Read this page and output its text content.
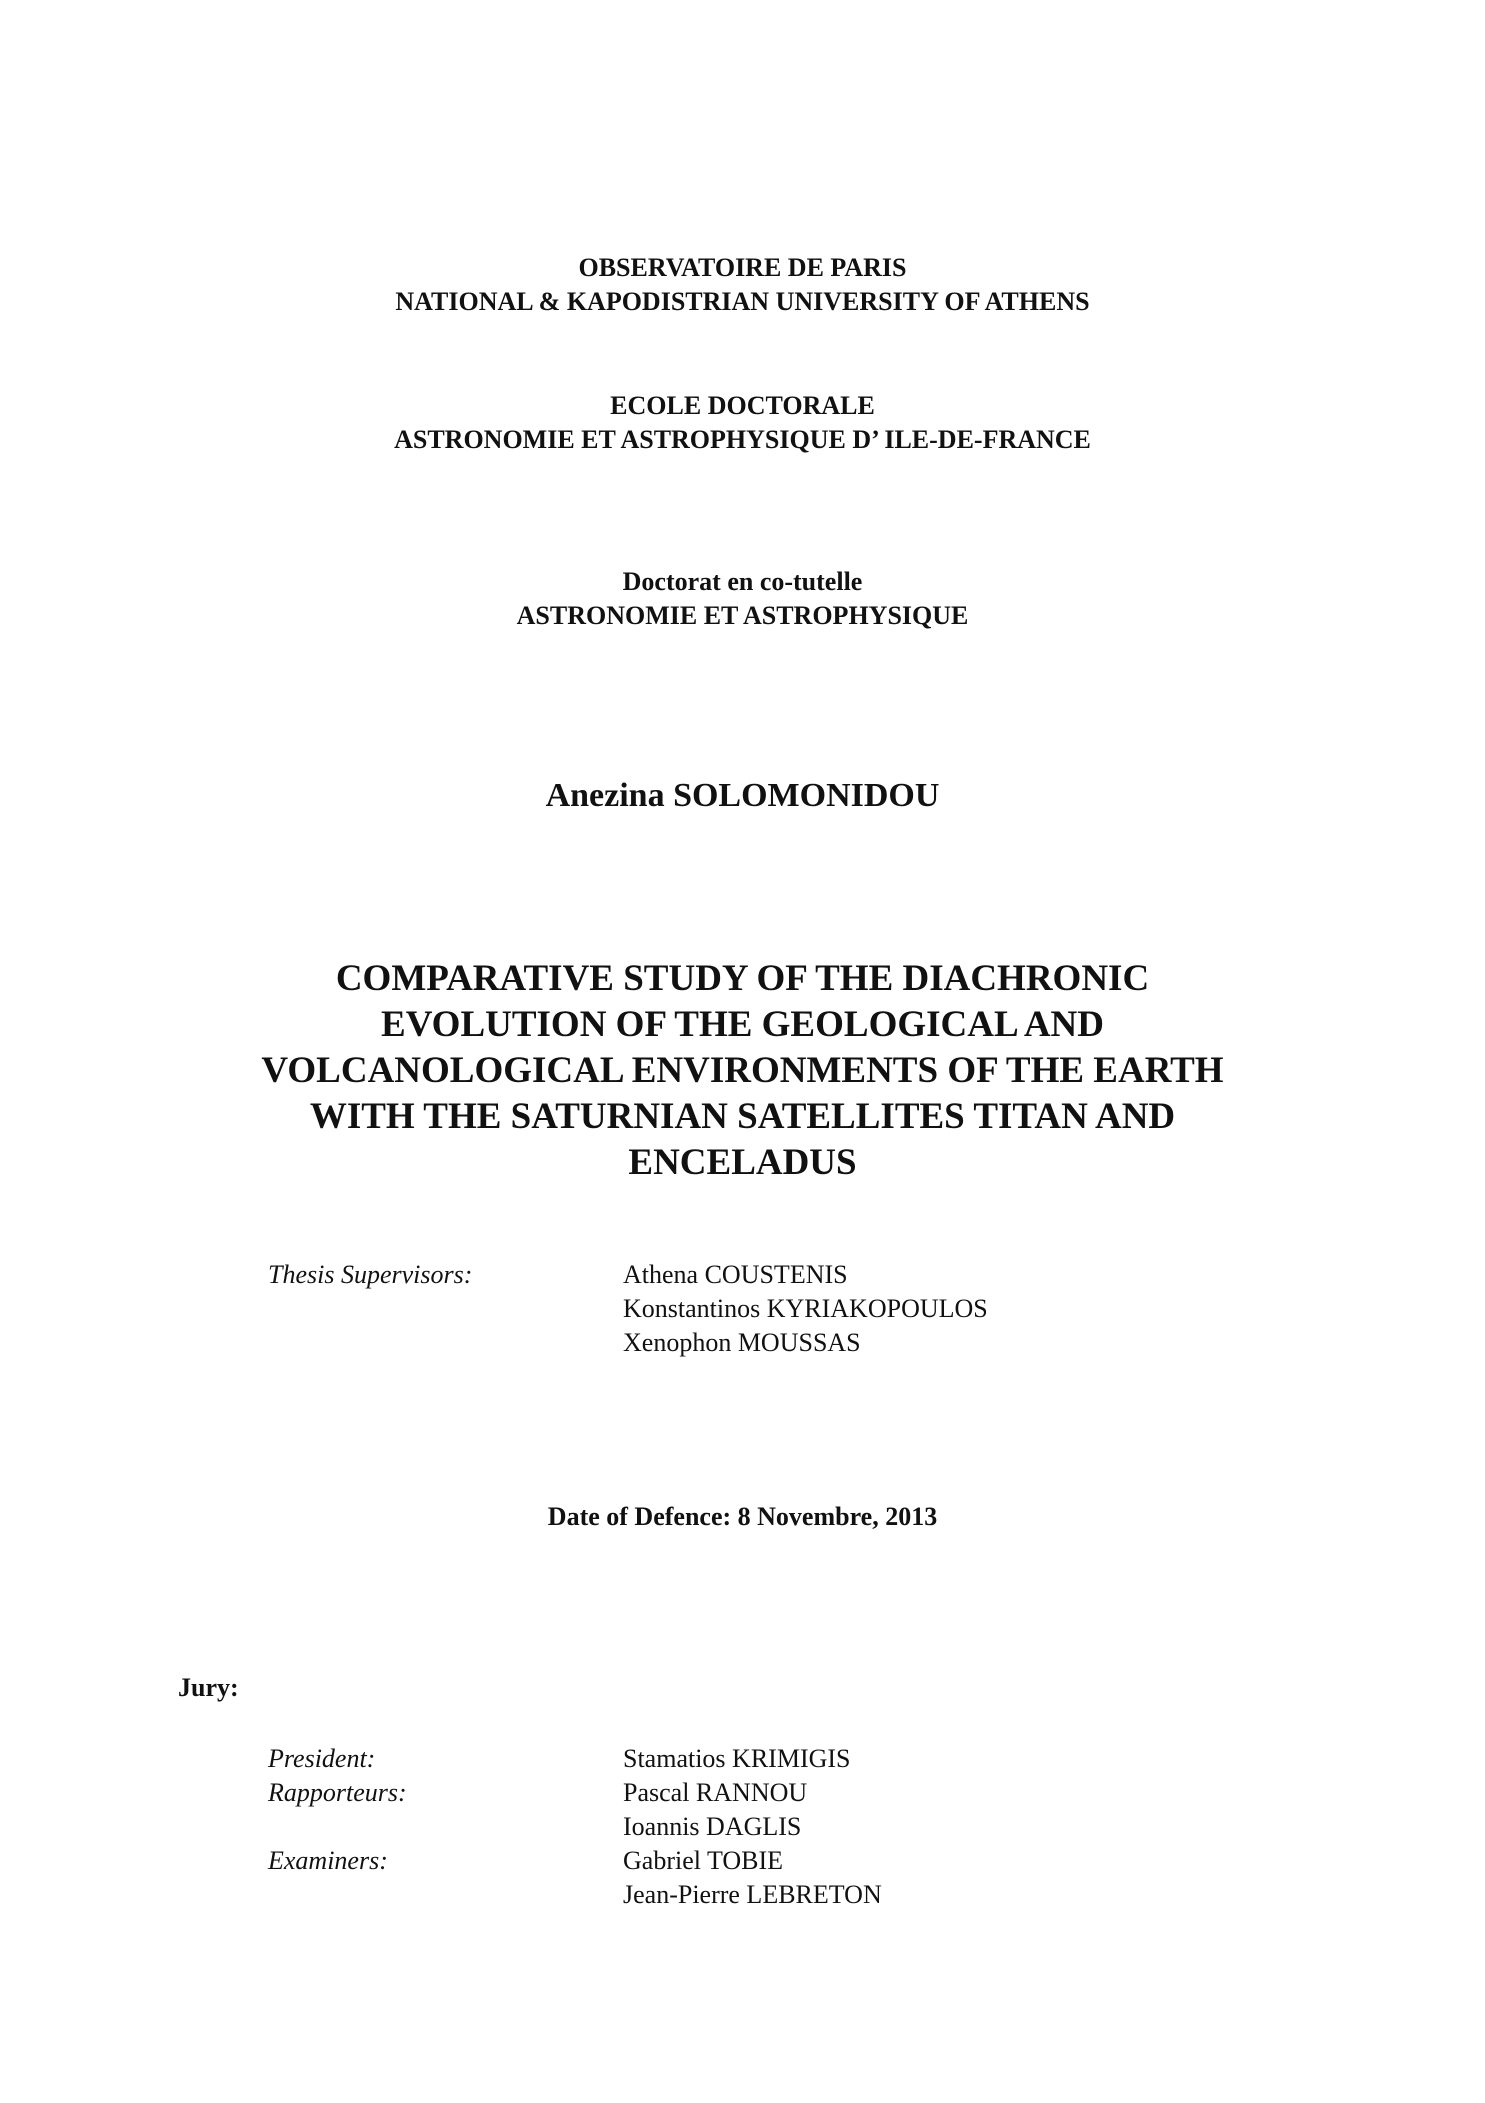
OBSERVATOIRE DE PARIS
NATIONAL & KAPODISTRIAN UNIVERSITY OF ATHENS
ECOLE DOCTORALE
ASTRONOMIE ET ASTROPHYSIQUE D’ ILE-DE-FRANCE
Doctorat en co-tutelle
ASTRONOMIE ET ASTROPHYSIQUE
Anezina SOLOMONIDOU
COMPARATIVE STUDY OF THE DIACHRONIC
EVOLUTION OF THE GEOLOGICAL AND
VOLCANOLOGICAL ENVIRONMENTS OF THE EARTH
WITH THE SATURNIAN SATELLITES TITAN AND
ENCELADUS
Thesis Supervisors:	Athena COUSTENIS
Konstantinos KYRIAKOPOULOS
Xenophon MOUSSAS
Date of Defence: 8 Novembre, 2013
Jury:
President:	Stamatios KRIMIGIS
Rapporteurs:	Pascal RANNOU
Ioannis DAGLIS
Examiners:	Gabriel TOBIE
Jean-Pierre LEBRETON
